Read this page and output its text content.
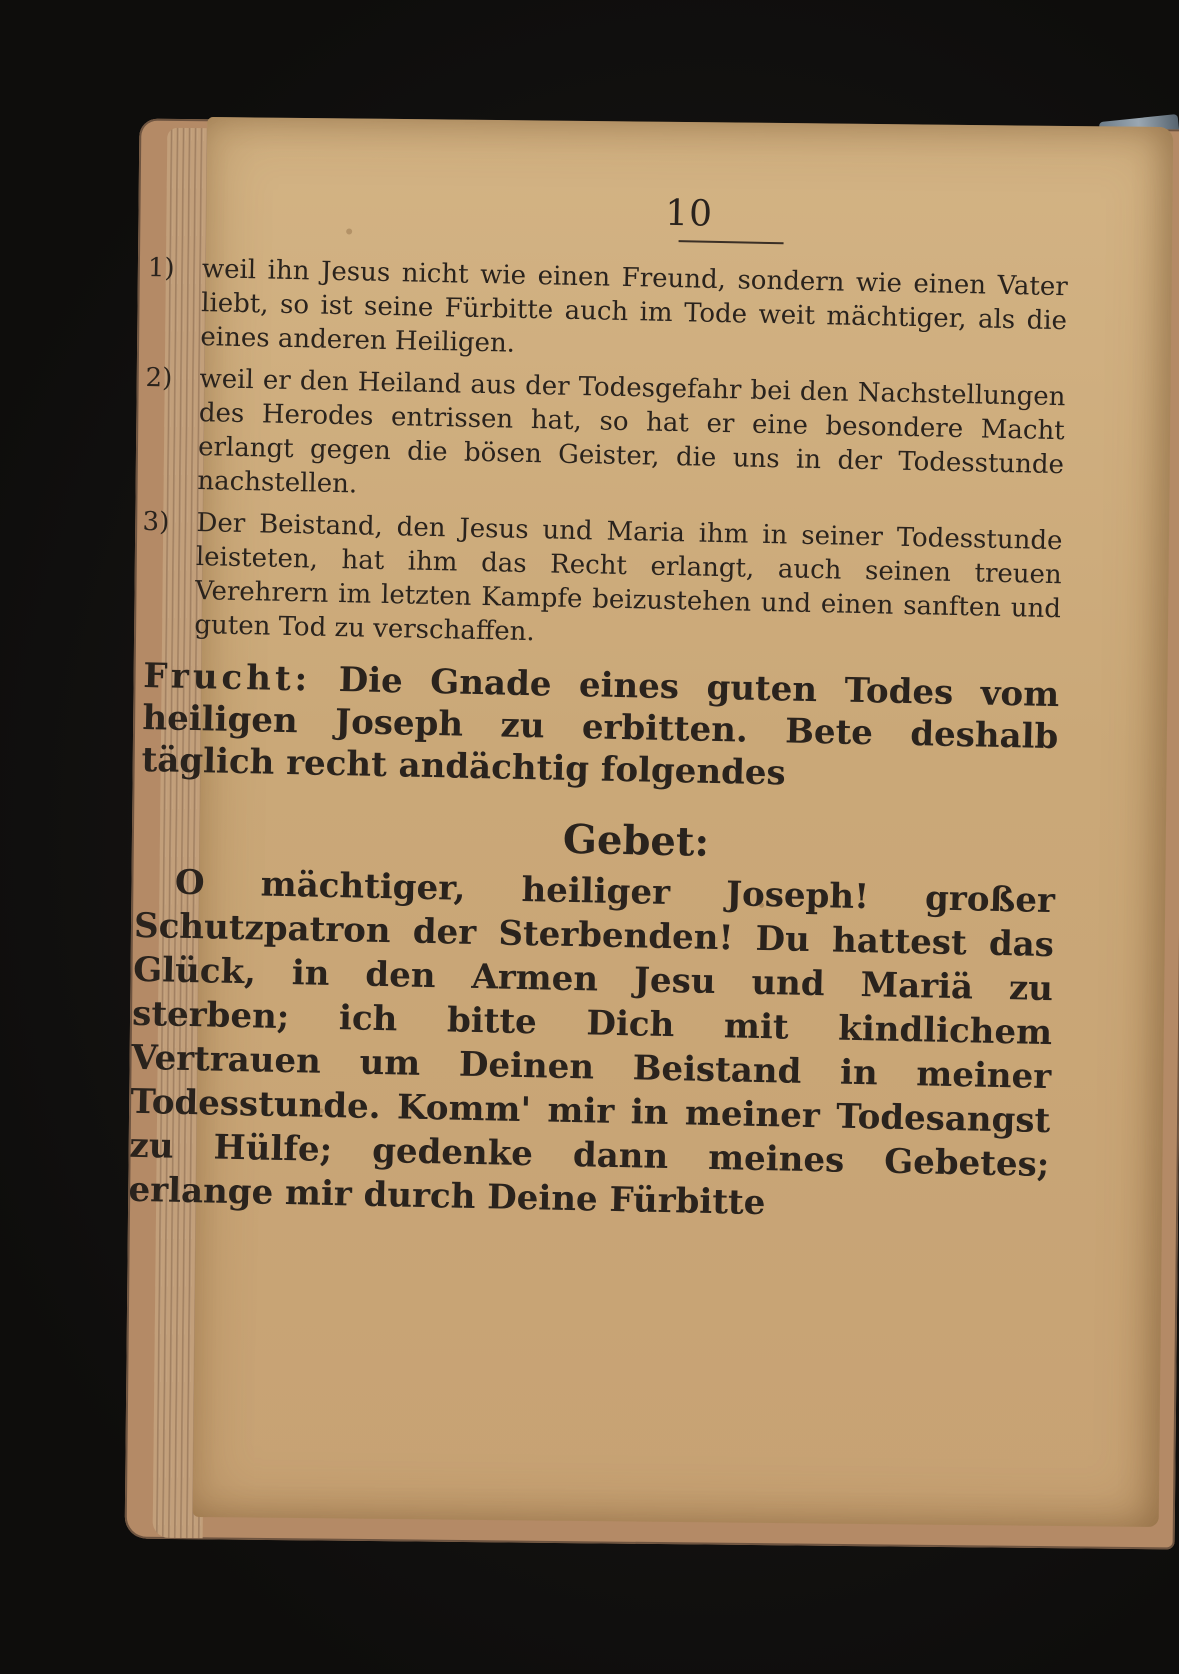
10
1)	weil ihn Jesus nicht wie einen Freund, sondern wie einen Vater liebt, so ist seine Fürbitte auch im Tode weit mächtiger, als die eines anderen Heiligen.
2)	weil er den Heiland aus der Todesgefahr bei den Nachstellungen des Herodes entrissen hat, so hat er eine besondere Macht erlangt gegen die bösen Geister, die uns in der Todesstunde nachstellen.
3)	Der Beistand, den Jesus und Maria ihm in seiner Todesstunde leisteten, hat ihm das Recht erlangt, auch seinen treuen Verehrern im letzten Kampfe beizustehen und einen sanften und guten Tod zu verschaffen.

Frucht: Die Gnade eines guten Todes vom heiligen Joseph zu erbitten. Bete deshalb täglich recht andächtig folgendes

Gebet:

O mächtiger, heiliger Joseph! großer Schutzpatron der Sterbenden! Du hattest das Glück, in den Armen Jesu und Mariä zu sterben; ich bitte Dich mit kindlichem Vertrauen um Deinen Beistand in meiner Todesstunde. Komm' mir in meiner Todesangst zu Hülfe; gedenke dann meines Gebetes; erlange mir durch Deine Fürbitte
